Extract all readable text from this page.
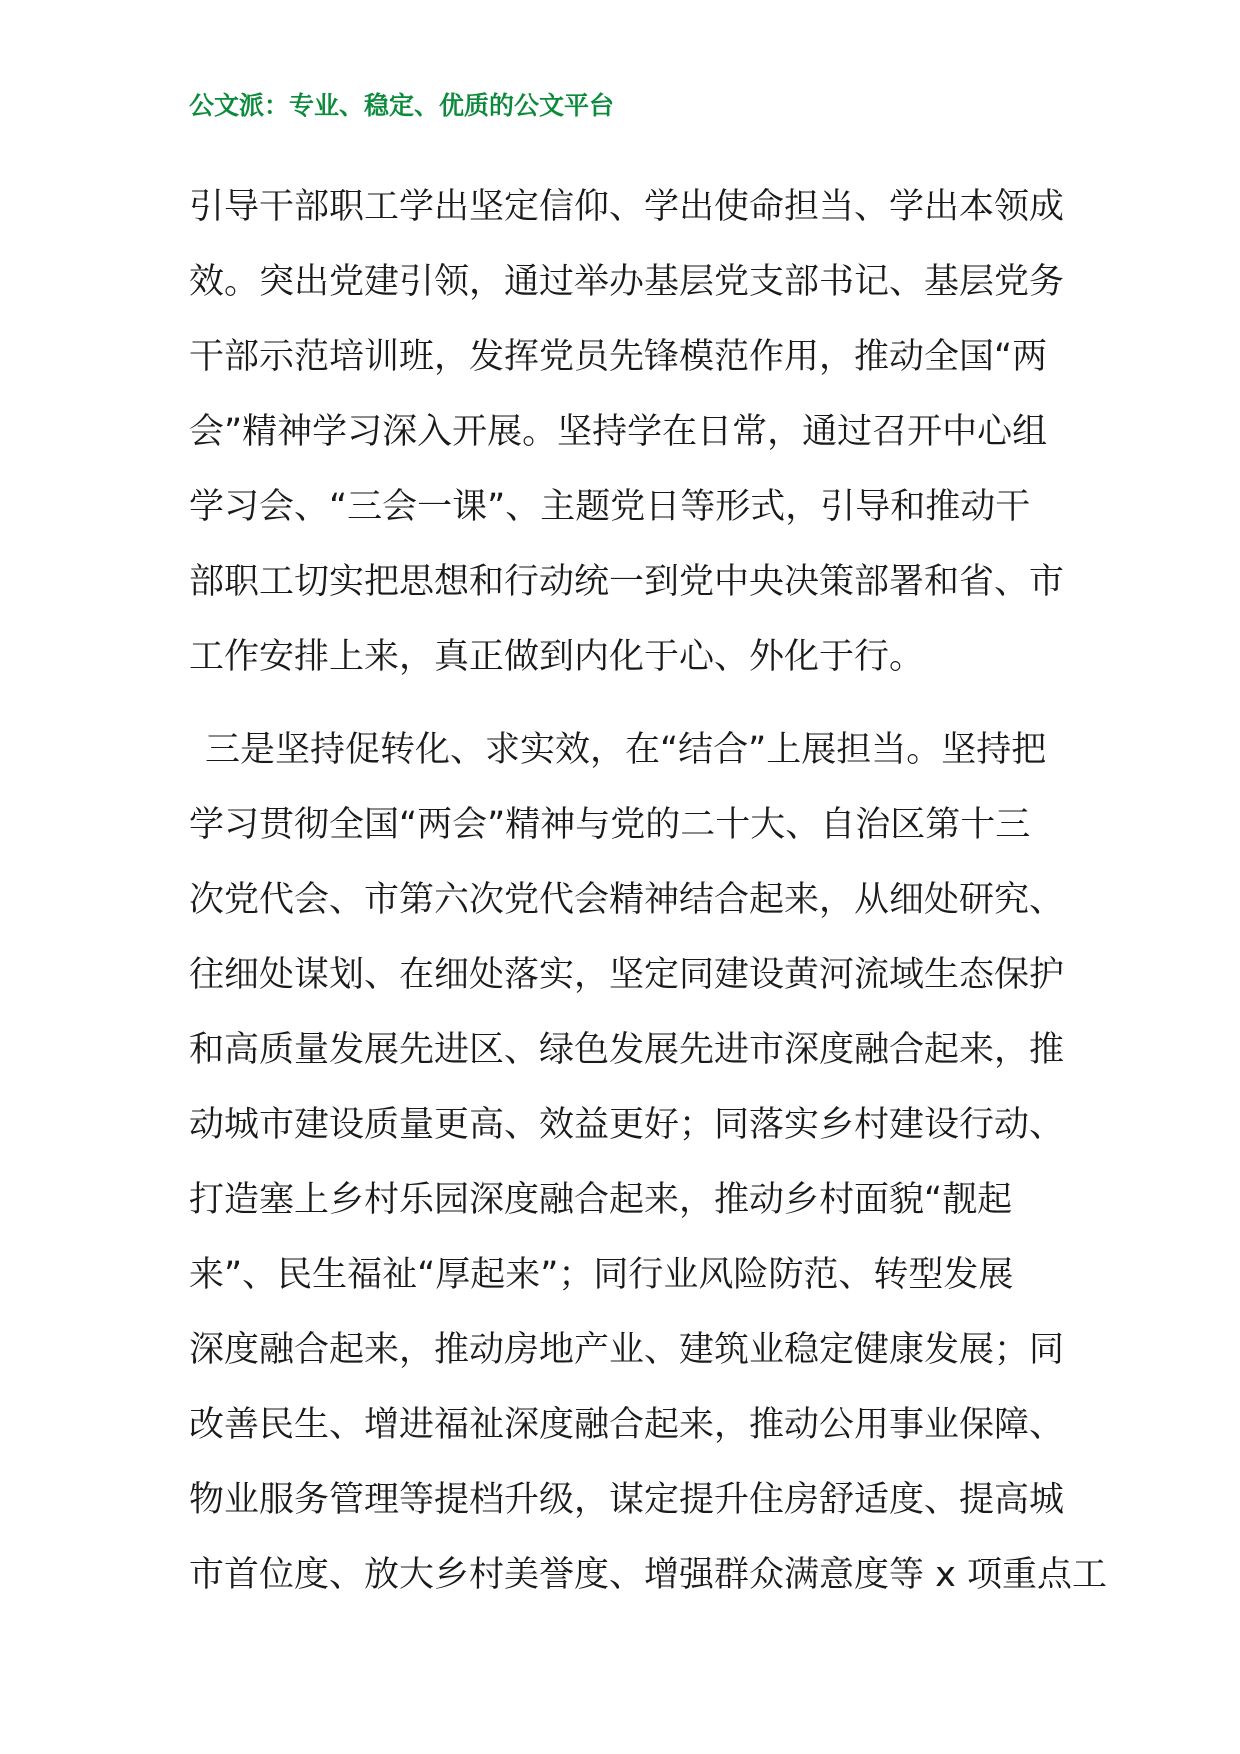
公文派：专业、稳定、优质的公文平台
引导干部职工学出坚定信仰、学出使命担当、学出本领成
效。突出党建引领，通过举办基层党支部书记、基层党务
干部示范培训班，发挥党员先锋模范作用，推动全国“两
会”精神学习深入开展。坚持学在日常，通过召开中心组
学习会、“三会一课”、主题党日等形式，引导和推动干
部职工切实把思想和行动统一到党中央决策部署和省、市
工作安排上来，真正做到内化于心、外化于行。
三是坚持促转化、求实效，在“结合”上展担当。坚持把
学习贯彻全国“两会”精神与党的二十大、自治区第十三
次党代会、市第六次党代会精神结合起来，从细处研究、
往细处谋划、在细处落实，坚定同建设黄河流域生态保护
和高质量发展先进区、绿色发展先进市深度融合起来，推
动城市建设质量更高、效益更好；同落实乡村建设行动、
打造塞上乡村乐园深度融合起来，推动乡村面貌“靓起
来”、民生福祉“厚起来”；同行业风险防范、转型发展
深度融合起来，推动房地产业、建筑业稳定健康发展；同
改善民生、增进福祉深度融合起来，推动公用事业保障、
物业服务管理等提档升级，谋定提升住房舒适度、提高城
市首位度、放大乡村美誉度、增强群众满意度等 x 项重点工
